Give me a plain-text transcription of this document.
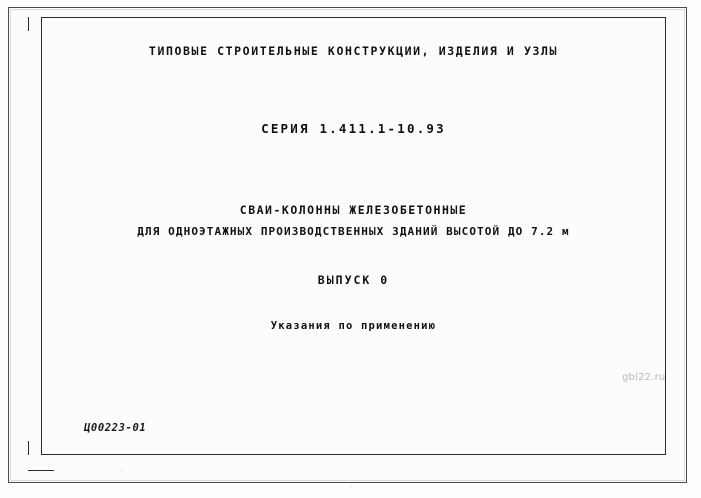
ТИПОВЫЕ СТРОИТЕЛЬНЫЕ КОНСТРУКЦИИ, ИЗДЕЛИЯ И УЗЛЫ
СЕРИЯ 1.411.1-10.93
СВАИ-КОЛОННЫ ЖЕЛЕЗОБЕТОННЫЕ
ДЛЯ ОДНОЭТАЖНЫХ ПРОИЗВОДСТВЕННЫХ ЗДАНИЙ ВЫСОТОЙ ДО 7.2 м
ВЫПУСК 0
Указания по применению
Ц00223-01
gbi22.ru
